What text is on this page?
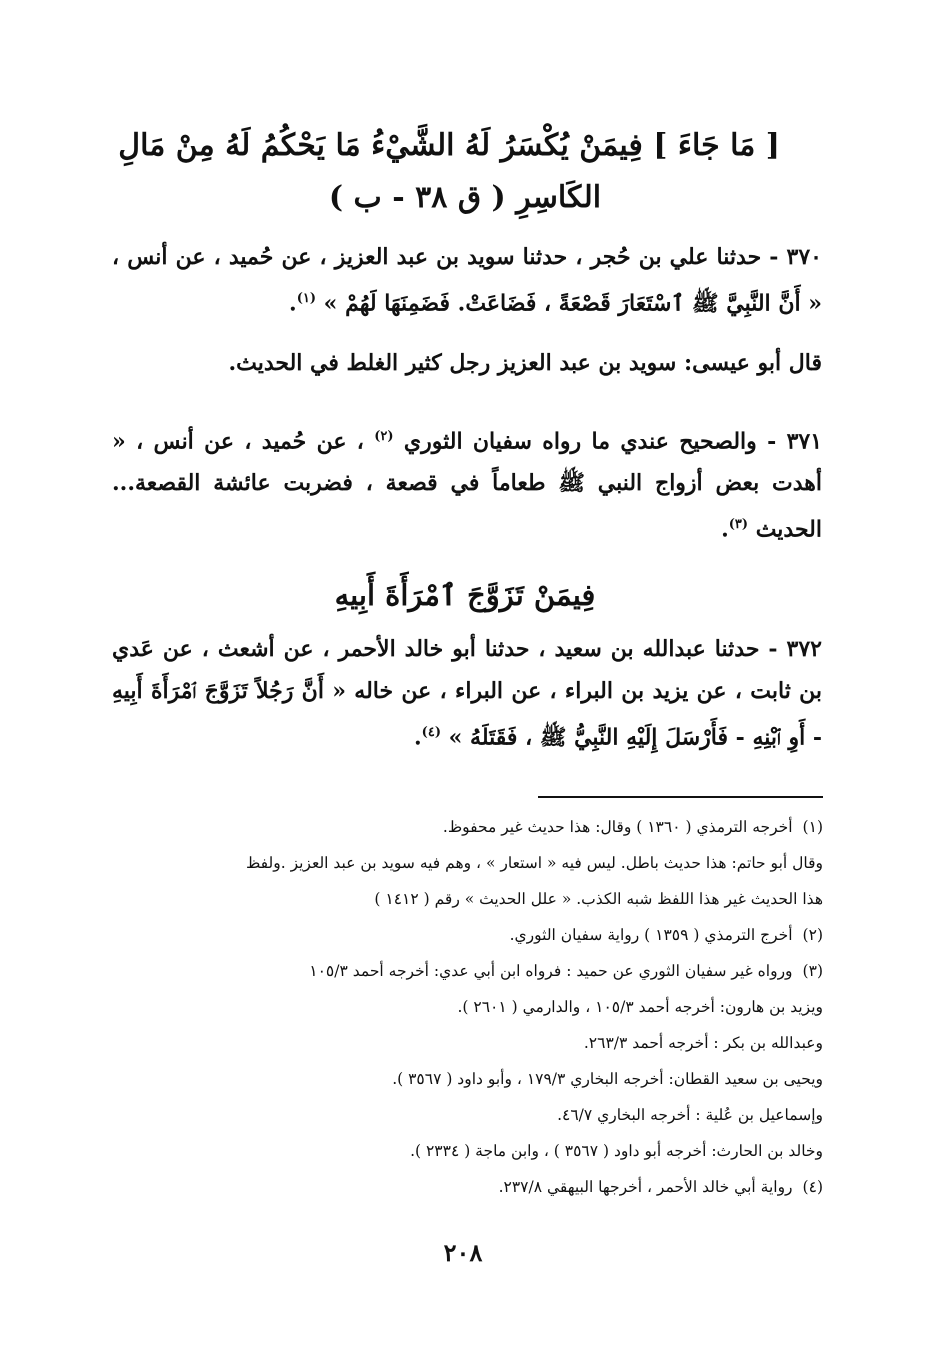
[ مَا جَاءَ ] فِيمَنْ يُكْسَرُ لَهُ الشَّيْءُ مَا يَحْكُمُ لَهُ مِنْ مَالِ
الكَاسِرِ ( ق ٣٨ - ب )
٣٧٠ - حدثنا علي بن حُجر ، حدثنا سويد بن عبد العزيز ، عن حُميد ، عن أنس ، « أَنَّ النَّبِيَّ ﷺ ٱسْتَعَارَ قَصْعَةً ، فَضَاعَتْ. فَضَمِنَهَا لَهُمْ » $^{(١)}$.
قال أبو عيسى: سويد بن عبد العزيز رجل كثير الغلط في الحديث.
٣٧١ - والصحيح عندي ما رواه سفيان الثوري $^{(٢)}$ ، عن حُميد ، عن أنس ، « أهدت بعض أزواج النبي ﷺ طعاماً في قصعة ، فضربت عائشة القصعة... الحديث $^{(٣)}$.
فِيمَنْ تَزَوَّجَ ٱمْرَأَةَ أَبِيهِ
٣٧٢ - حدثنا عبدالله بن سعيد ، حدثنا أبو خالد الأحمر ، عن أشعث ، عن عَدي بن ثابت ، عن يزيد بن البراء ، عن البراء ، عن خاله « أَنَّ رَجُلاً تَزَوَّجَ ٱمْرَأَةَ أَبِيهِ - أَوِ ٱبْنِهِ - فَأَرْسَلَ إِلَيْهِ النَّبِيُّ ﷺ ، فَقَتَلَهُ » $^{(٤)}$.
(١)أخرجه الترمذي ( ١٣٦٠ ) وقال: هذا حديث غير محفوظ.
وقال أبو حاتم: هذا حديث باطل. ليس فيه « استعار » ، وهم فيه سويد بن عبد العزيز .ولفظ
هذا الحديث غير هذا اللفظ شبه الكذب. « علل الحديث » رقم ( ١٤١٢ )
(٢)أخرج الترمذي ( ١٣٥٩ ) رواية سفيان الثوري.
(٣)ورواه غير سفيان الثوري عن حميد : فرواه ابن أبي عدي: أخرجه أحمد ١٠٥/٣
ويزيد بن هارون: أخرجه أحمد ١٠٥/٣ ، والدارمي ( ٢٦٠١ ).
وعبدالله بن بكر : أخرجه أحمد ٢٦٣/٣.
ويحيى بن سعيد القطان: أخرجه البخاري ١٧٩/٣ ، وأبو داود ( ٣٥٦٧ ).
وإسماعيل بن عُلية : أخرجه البخاري ٤٦/٧.
وخالد بن الحارث: أخرجه أبو داود ( ٣٥٦٧ ) ، وابن ماجة ( ٢٣٣٤ ).
(٤)رواية أبي خالد الأحمر ، أخرجها البيهقي ٢٣٧/٨.
٢٠٨
